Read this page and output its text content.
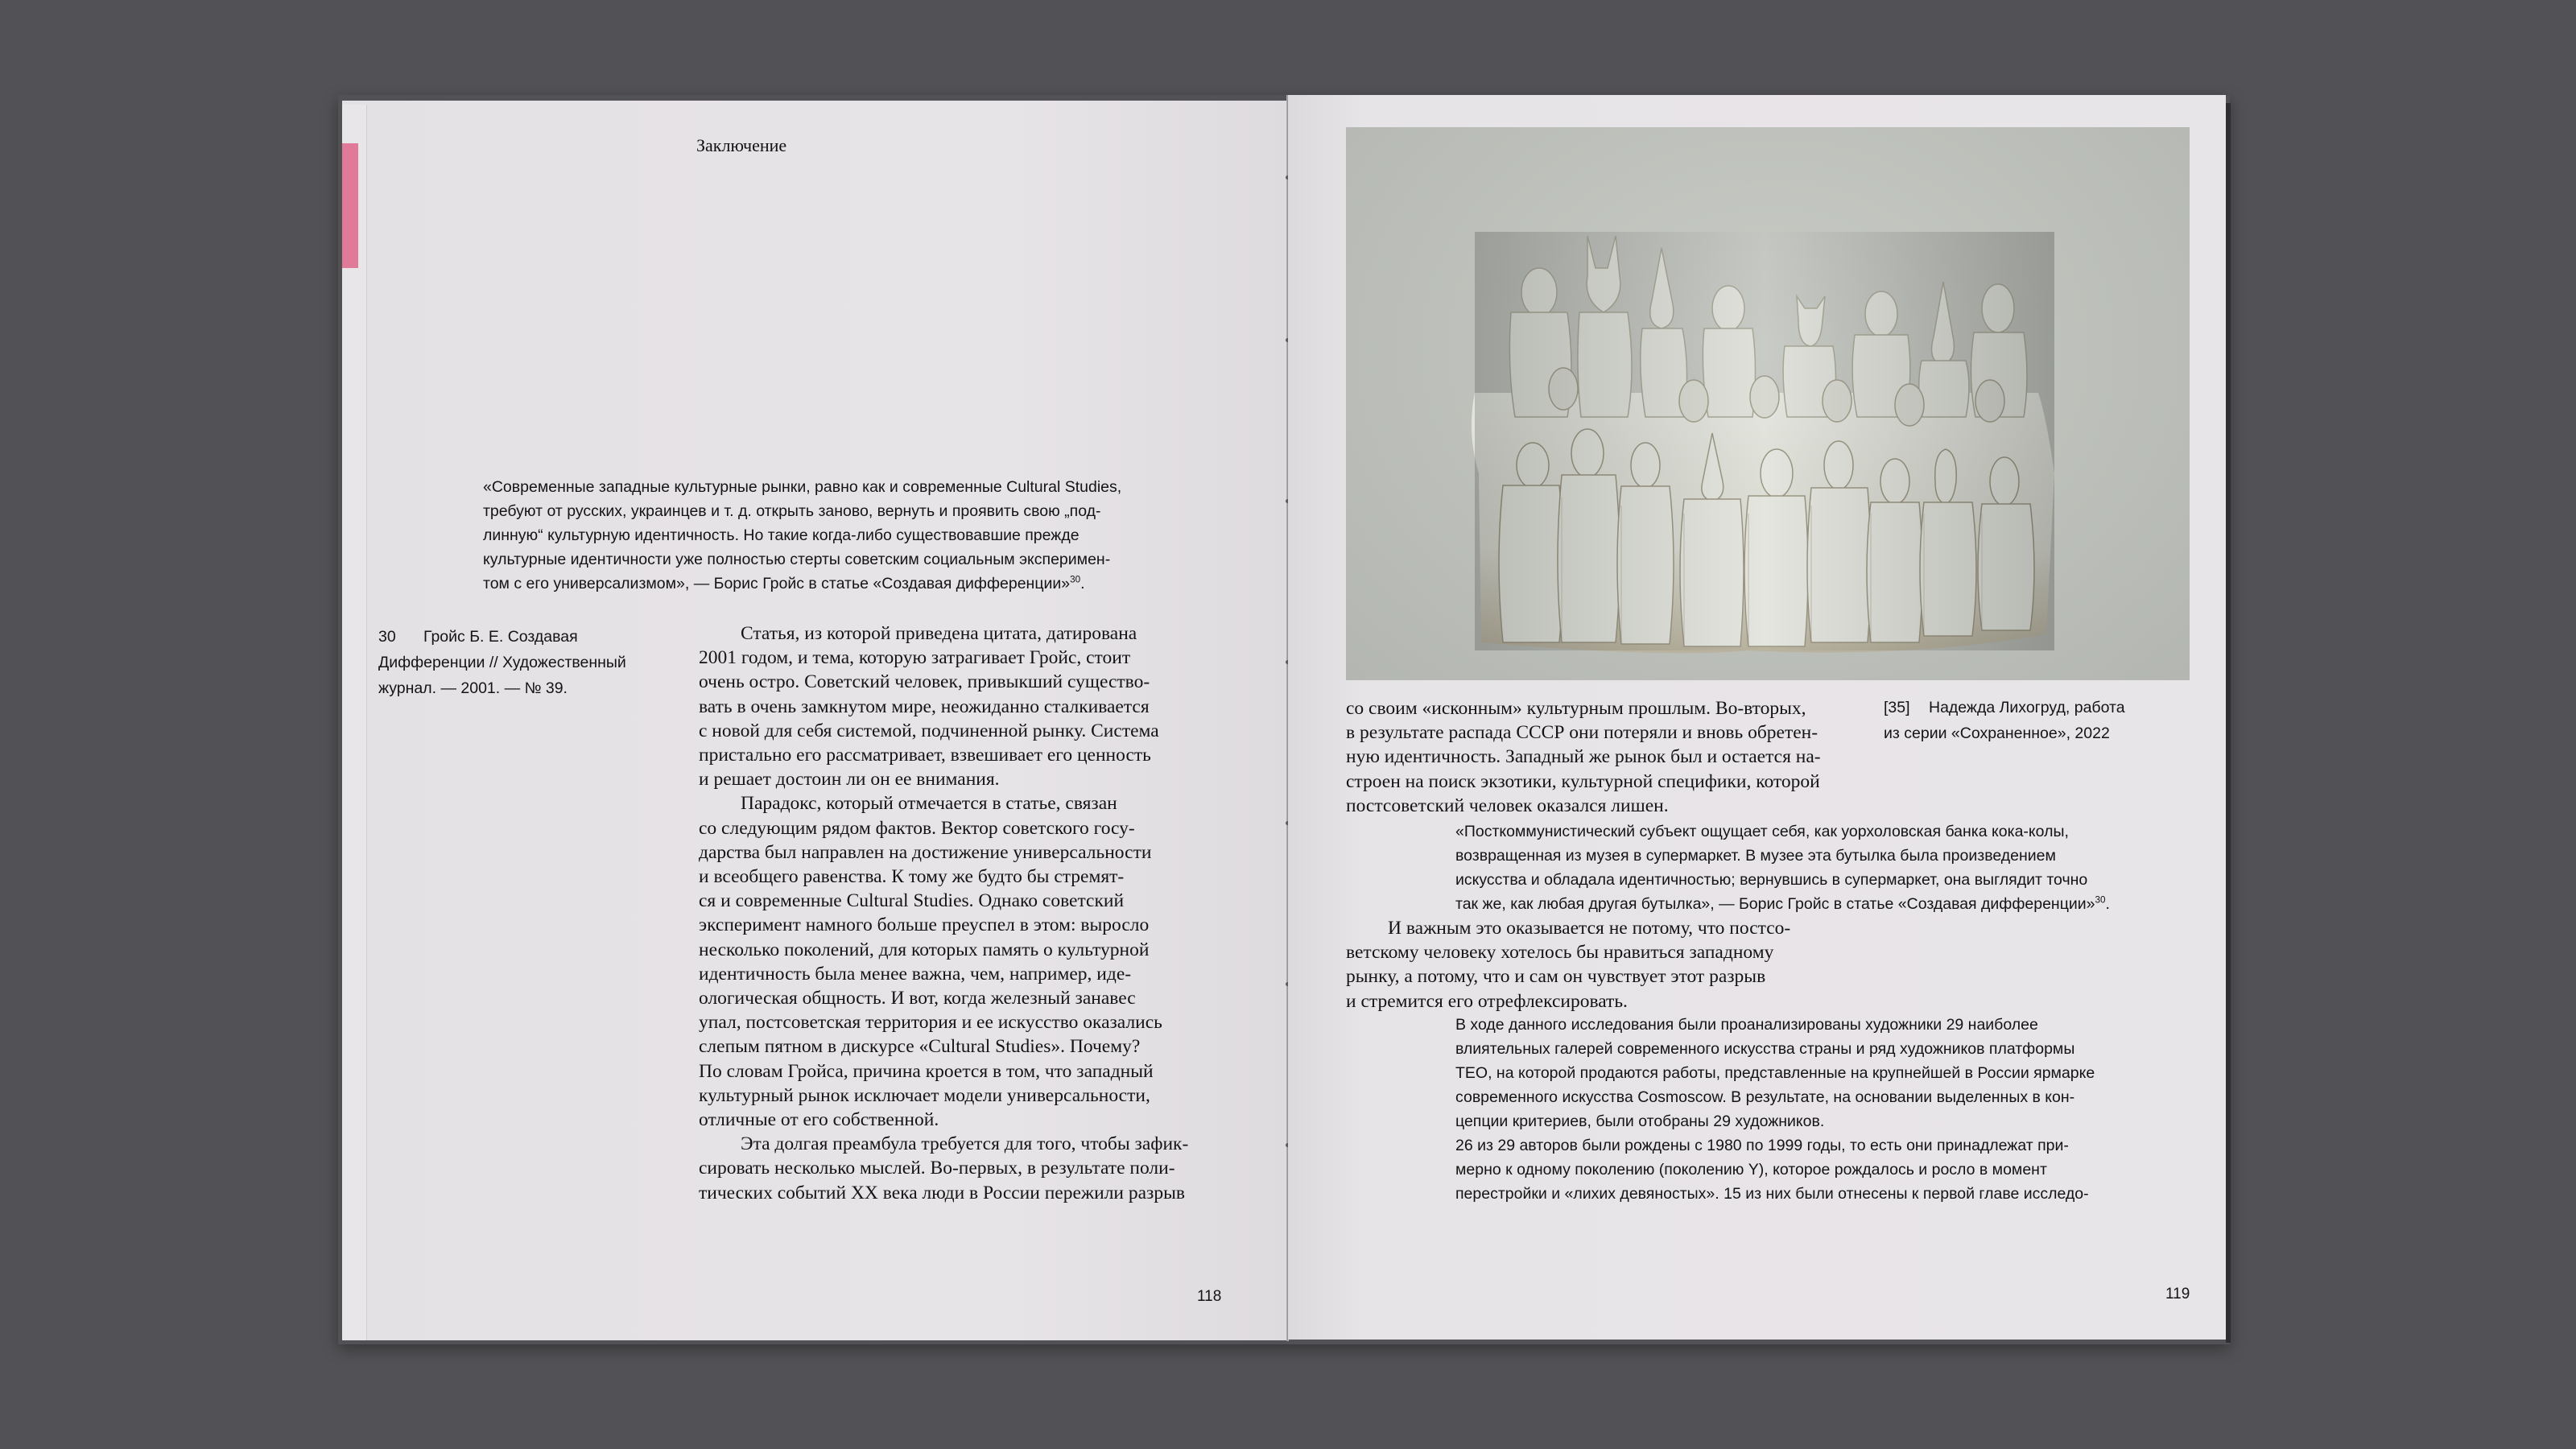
Заключение
«Современные западные культурные рынки, равно как и современные Cultural Studies,
требуют от русских, украинцев и т. д. открыть заново, вернуть и проявить свою „под-
линную“ культурную идентичность. Но такие когда-либо существовавшие прежде
культурные идентичности уже полностью стерты советским социальным эксперимен-
том с его универсализмом», — Борис Гройс в статье «Создавая дифференции»$^{30}$.
30 Гройс Б. Е. Создавая
Дифференции // Художественный
журнал. — 2001. — № 39.
Статья, из которой приведена цитата, датирована
2001 годом, и тема, которую затрагивает Гройс, стоит
очень остро. Советский человек, привыкший существо-
вать в очень замкнутом мире, неожиданно сталкивается
с новой для себя системой, подчиненной рынку. Система
пристально его рассматривает, взвешивает его ценность
и решает достоин ли он ее внимания.
Парадокс, который отмечается в статье, связан
со следующим рядом фактов. Вектор советского госу-
дарства был направлен на достижение универсальности
и всеобщего равенства. К тому же будто бы стремят-
ся и современные Cultural Studies. Однако советский
эксперимент намного больше преуспел в этом: выросло
несколько поколений, для которых память о культурной
идентичность была менее важна, чем, например, иде-
ологическая общность. И вот, когда железный занавес
упал, постсоветская территория и ее искусство оказались
слепым пятном в дискурсе «Cultural Studies». Почему?
По словам Гройса, причина кроется в том, что западный
культурный рынок исключает модели универсальности,
отличные от его собственной.
Эта долгая преамбула требуется для того, чтобы зафик-
сировать несколько мыслей. Во-первых, в результате поли-
тических событий XX века люди в России пережили разрыв
118
со своим «исконным» культурным прошлым. Во-вторых,
в результате распада СССР они потеряли и вновь обретен-
ную идентичность. Западный же рынок был и остается на-
строен на поиск экзотики, культурной специфики, которой
постсоветский человек оказался лишен.
[35] Надежда Лихогруд, работа
из серии «Сохраненное», 2022
«Посткоммунистический субъект ощущает себя, как уорхоловская банка кока-колы,
возвращенная из музея в супермаркет. В музее эта бутылка была произведением
искусства и обладала идентичностью; вернувшись в супермаркет, она выглядит точно
так же, как любая другая бутылка», — Борис Гройс в статье «Создавая дифференции»$^{30}$.
И важным это оказывается не потому, что постсо-
ветскому человеку хотелось бы нравиться западному
рынку, а потому, что и сам он чувствует этот разрыв
и стремится его отрефлексировать.
В ходе данного исследования были проанализированы художники 29 наиболее
влиятельных галерей современного искусства страны и ряд художников платформы
ТЕО, на которой продаются работы, представленные на крупнейшей в России ярмарке
современного искусства Cosmoscow. В результате, на основании выделенных в кон-
цепции критериев, были отобраны 29 художников.
26 из 29 авторов были рождены с 1980 по 1999 годы, то есть они принадлежат при-
мерно к одному поколению (поколению Y), которое рождалось и росло в момент
перестройки и «лихих девяностых». 15 из них были отнесены к первой главе исследо-
119
